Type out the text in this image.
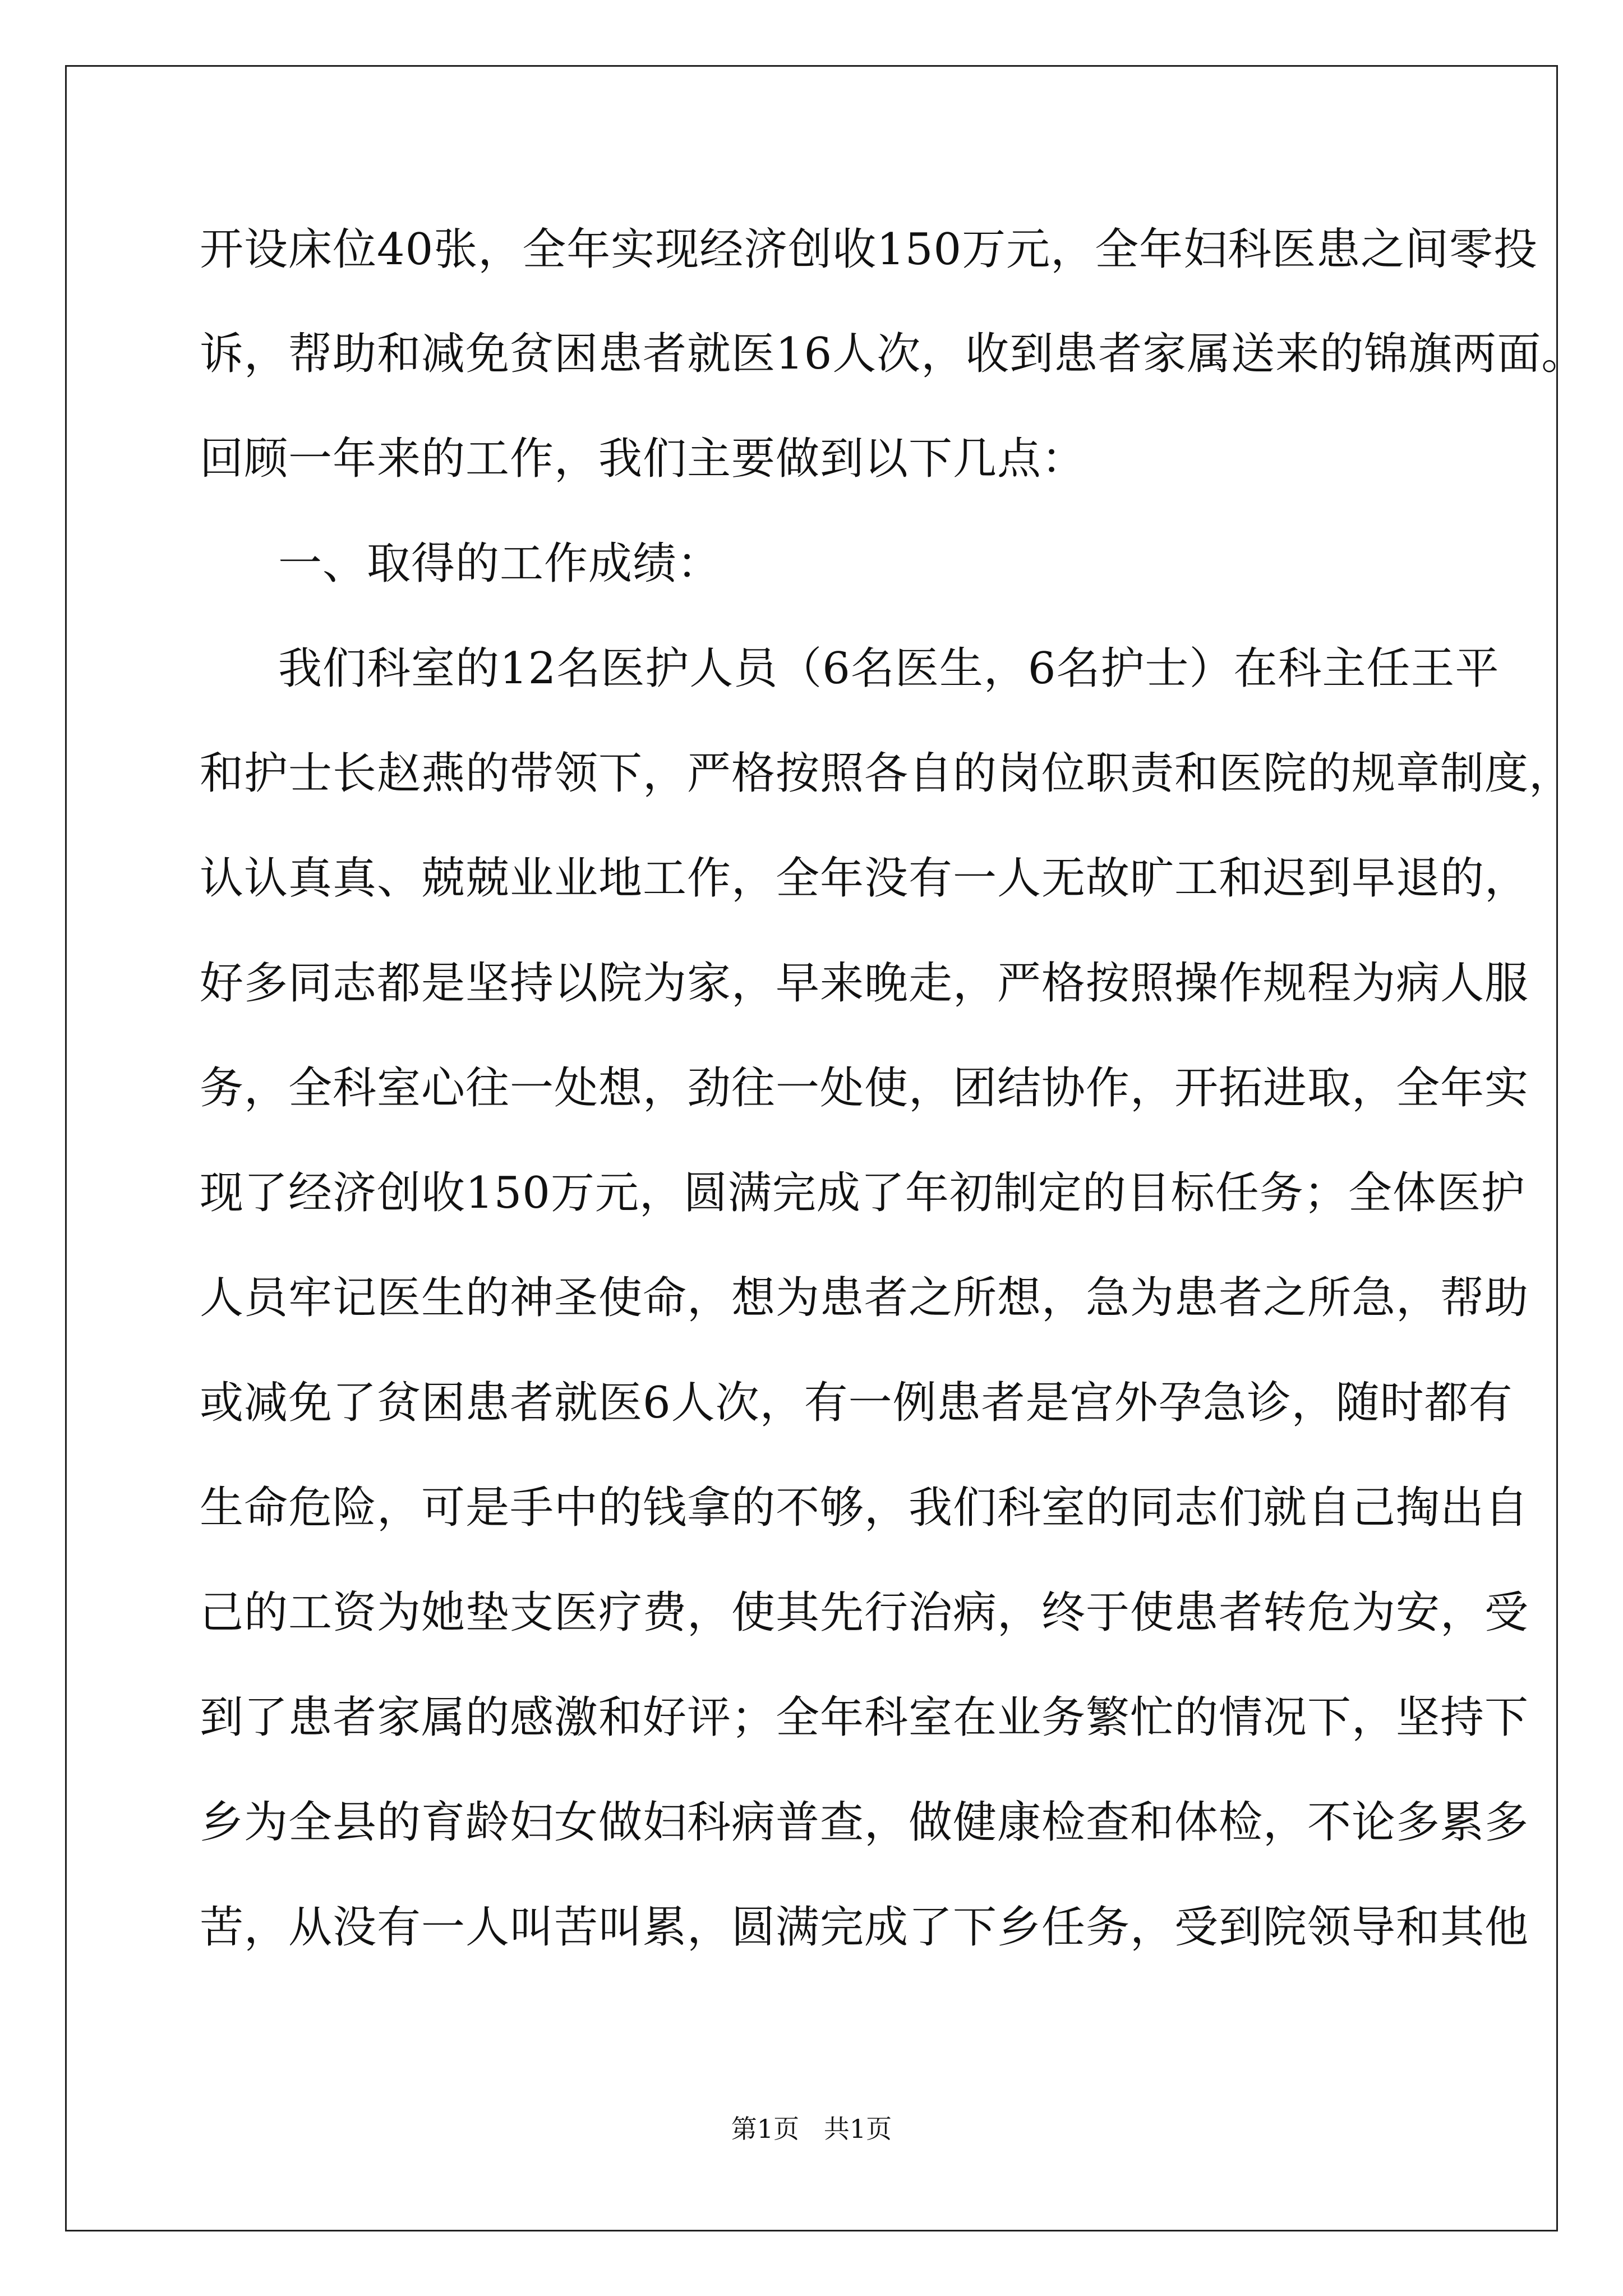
开设床位40张，全年实现经济创收150万元，全年妇科医患之间零投
诉，帮助和减免贫困患者就医16人次，收到患者家属送来的锦旗两面。
回顾一年来的工作，我们主要做到以下几点：
一、取得的工作成绩：
我们科室的12名医护人员（6名医生，6名护士）在科主任王平
和护士长赵燕的带领下，严格按照各自的岗位职责和医院的规章制度，
认认真真、兢兢业业地工作，全年没有一人无故旷工和迟到早退的，
好多同志都是坚持以院为家，早来晚走，严格按照操作规程为病人服
务，全科室心往一处想，劲往一处使，团结协作，开拓进取，全年实
现了经济创收150万元，圆满完成了年初制定的目标任务；全体医护
人员牢记医生的神圣使命，想为患者之所想，急为患者之所急，帮助
或减免了贫困患者就医6人次，有一例患者是宫外孕急诊，随时都有
生命危险，可是手中的钱拿的不够，我们科室的同志们就自己掏出自
己的工资为她垫支医疗费，使其先行治病，终于使患者转危为安，受
到了患者家属的感激和好评；全年科室在业务繁忙的情况下，坚持下
乡为全县的育龄妇女做妇科病普查，做健康检查和体检，不论多累多
苦，从没有一人叫苦叫累，圆满完成了下乡任务，受到院领导和其他
第1页   共1页
